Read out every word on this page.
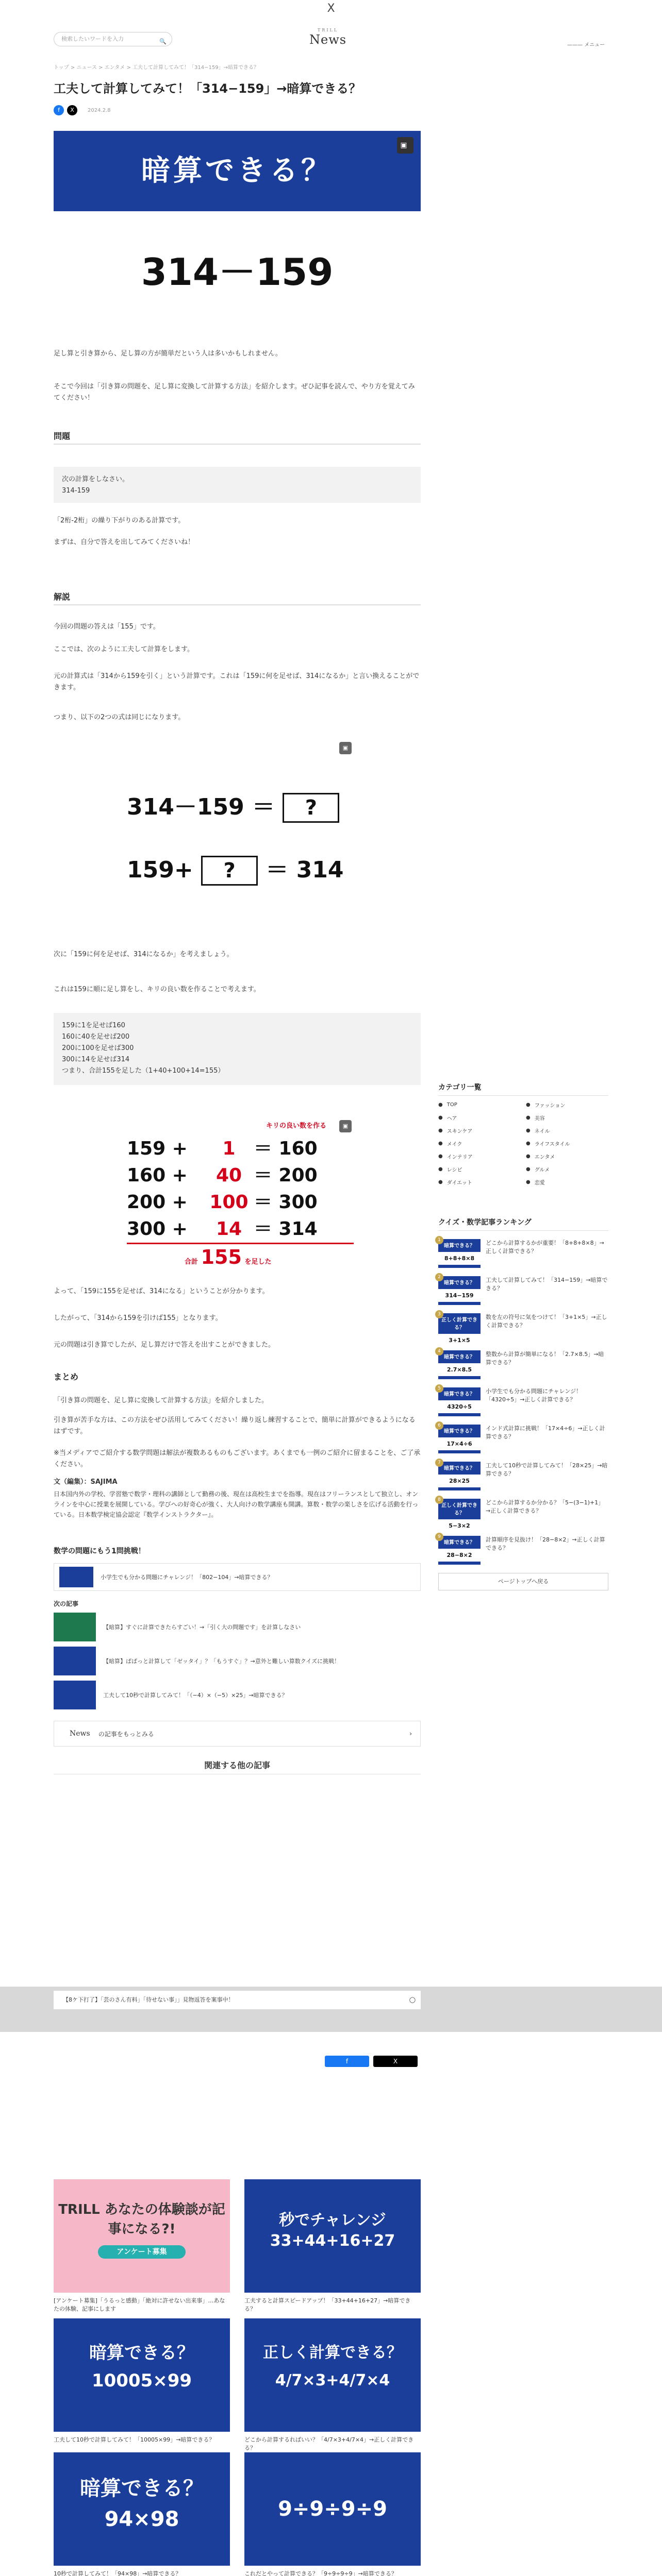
X
検索したいワードを入力	🔍
TRILL
News	——— メニュー
トップ > ニュース > エンタメ > 工夫して計算してみて！「314−159」→暗算できる？
工夫して計算してみて！「314−159」→暗算できる？
f	X	2024.2.8
暗算できる？
▣
314－159
足し算と引き算から、足し算の方が簡単だという人は多いかもしれません。
そこで今回は「引き算の問題を、足し算に変換して計算する方法」を紹介します。ぜひ記事を読んで、やり方を覚えてみてください！
問題
次の計算をしなさい。
314-159
「2桁-2桁」の繰り下がりのある計算です。
まずは、自分で答えを出してみてくださいね！
解説
今回の問題の答えは「155」です。
ここでは、次のように工夫して計算をします。
元の計算式は「314から159を引く」という計算です。これは「159に何を足せば、314になるか」と言い換えることができます。
つまり、以下の2つの式は同じになります。
▣
314－159 ＝ ?
159+ ? ＝ 314
次に「159に何を足せば、314になるか」を考えましょう。
これは159に順に足し算をし、キリの良い数を作ることで考えます。
159に1を足せば160
160に40を足せば200
200に100を足せば300
300に14を足せば314
つまり、合計155を足した（1+40+100+14=155）
キリの良い数を作る	▣
159 + 1 ＝ 160
160 + 40 ＝ 200
200 + 100 ＝ 300
300 + 14 ＝ 314
合計 155 を足した
よって、「159に155を足せば、314になる」ということが分かります。
したがって、「314から159を引けば155」となります。
元の問題は引き算でしたが、足し算だけで答えを出すことができました。
まとめ
「引き算の問題を、足し算に変換して計算する方法」を紹介しました。
引き算が苦手な方は、この方法をぜひ活用してみてください！繰り返し練習することで、簡単に計算ができるようになるはずです。
※当メディアでご紹介する数学問題は解法が複数あるものもございます。あくまでも一例のご紹介に留まることを、ご了承ください。
文（編集）：SAJIMA
日本国内外の学校、学習塾で数学・理科の講師として勤務の後、現在は高校生までを指導。現在はフリーランスとして独立し、オンラインを中心に授業を展開している。学びへの好奇心が強く、大人向けの数学講座も開講。算数・数学の楽しさを広げる活動を行っている。日本数学検定協会認定『数学インストラクター』。
数学の問題にもう1問挑戦！
小学生でも分かる問題にチャレンジ！「802−104」→暗算できる？
次の記事
【暗算】すぐに計算できたらすごい！→「引く大の問題です」を計算しなさい
【暗算】ぱぱっと計算して「ゼッタイ」？「もうすぐ」？→意外と難しい算数クイズに挑戦！
工夫して10秒で計算してみて！「（−4）×（−5）×25」→暗算できる？
News の記事をもっとみる	›
関連する他の記事
カテゴリ一覧
● TOP	● ファッション
● ヘア	● 美容
● スキンケア	● ネイル
● メイク	● ライフスタイル
● インテリア	● エンタメ
● レシピ	● グルメ
● ダイエット	● 恋愛
クイズ・数学記事ランキング
1
暗算できる？
8+8+8×8
どこから計算するかが重要！「8+8+8×8」→正しく計算できる？
2
暗算できる？
314−159
工夫して計算してみて！「314−159」→暗算できる？
3
正しく計算できる？
3+1×5
数を左の符号に気をつけて！「3+1×5」→正しく計算できる？
4
暗算できる？
2.7×8.5
整数から計算が簡単になる！「2.7×8.5」→暗算できる？
5
暗算できる？
4320÷5
小学生でも分かる問題にチャレンジ！「4320÷5」→正しく計算できる？
6
暗算できる？
17×4÷6
インド式計算に挑戦！「17×4÷6」→正しく計算できる？
7
暗算できる？
28×25
工夫して10秒で計算してみて！「28×25」→暗算できる？
8
正しく計算できる？
5−3×2
どこから計算するか分かる？「5−(3−1)+1」→正しく計算できる？
9
暗算できる？
28−8×2
計算順序を見抜け！「28−8×2」→正しく計算できる？
ページトップへ戻る
【8ケ下打了】「芸のさん有料」「待せない事」」見物返答を案事中！	◯
f	X
TRILL あなたの体験談が記事になる?!
アンケート募集
[アンケート募集]「うるっと感動」「絶対に許せない出来事」…あなたの体験、記事にします
秒でチャレンジ 33+44+16+27
工夫すると計算スピードアップ！「33+44+16+27」→暗算できる？
暗算できる？ 10005×99
工夫して10秒で計算してみて！「10005×99」→暗算できる？
正しく計算できる？ 4/7×3+4/7×4
どこから計算するればいい？「4/7×3+4/7×4」→正しく計算できる？
暗算できる？ 94×98
10秒で計算してみて！「94×98」→暗算できる？
9÷9÷9÷9
これだとやって計算できる？「9÷9÷9÷9」→暗算できる？
